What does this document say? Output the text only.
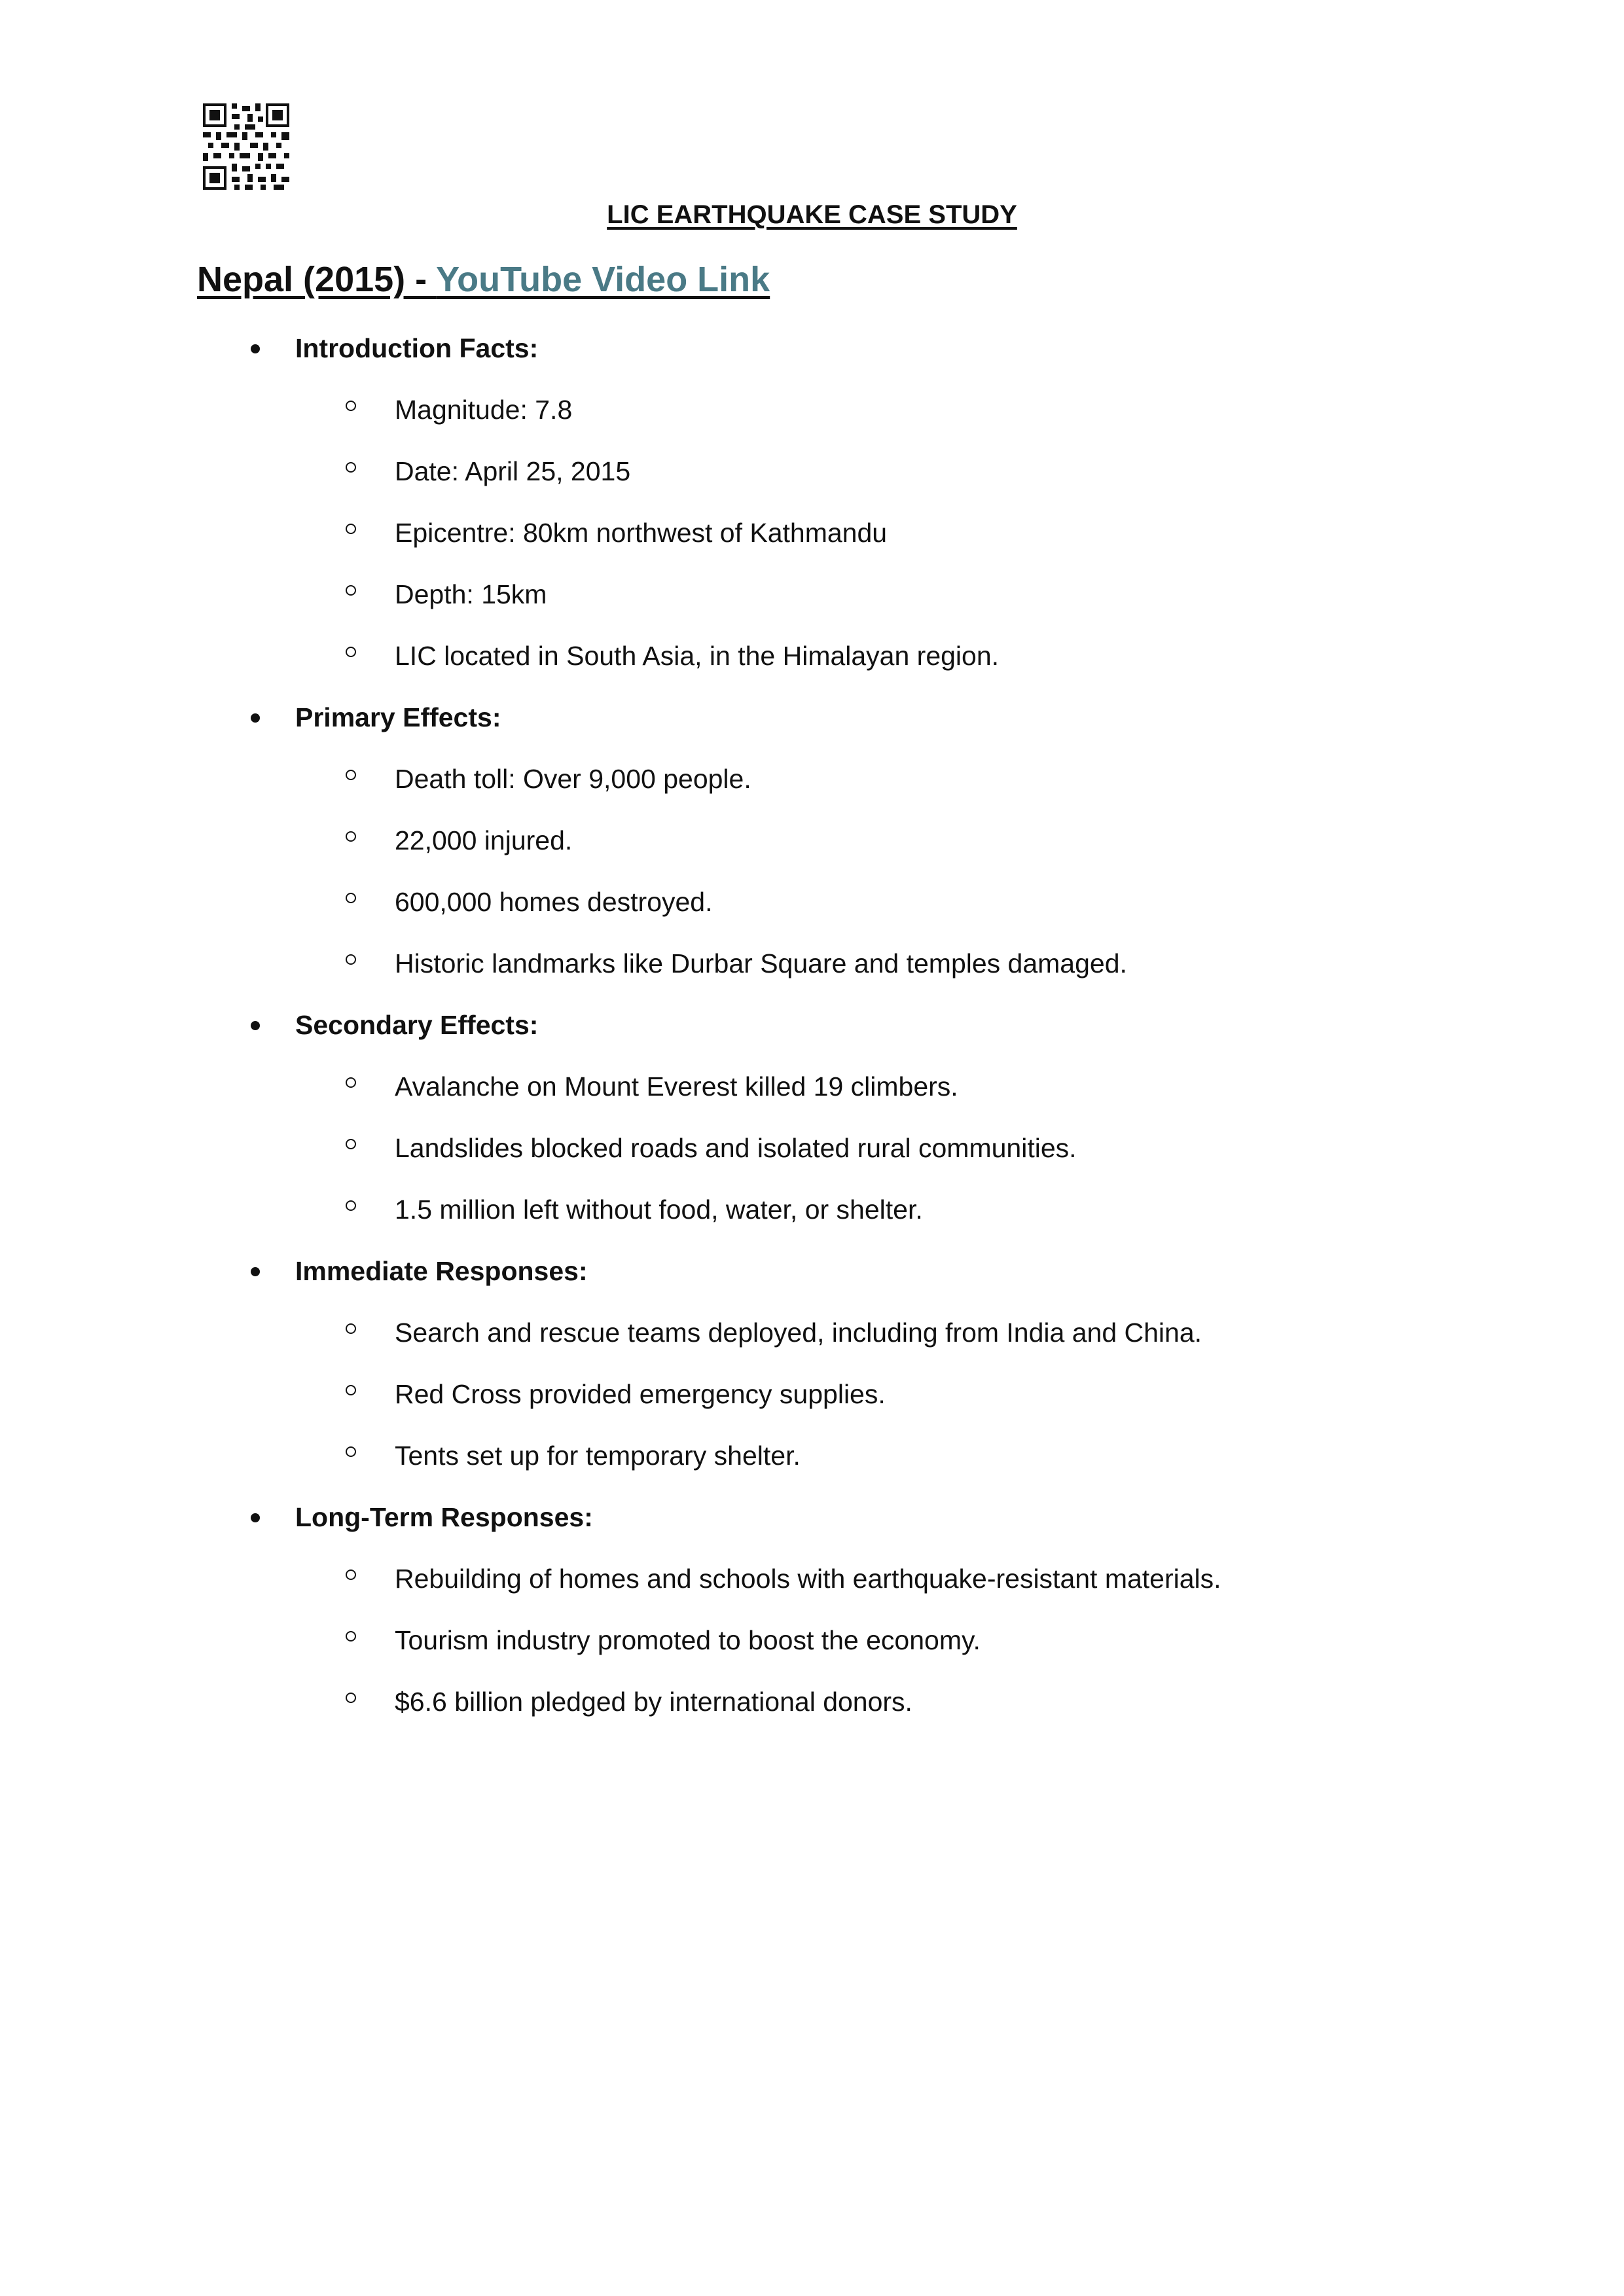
LIC EARTHQUAKE CASE STUDY
Nepal (2015) - YouTube Video Link
Introduction Facts:
Magnitude: 7.8
Date: April 25, 2015
Epicentre: 80km northwest of Kathmandu
Depth: 15km
LIC located in South Asia, in the Himalayan region.
Primary Effects:
Death toll: Over 9,000 people.
22,000 injured.
600,000 homes destroyed.
Historic landmarks like Durbar Square and temples damaged.
Secondary Effects:
Avalanche on Mount Everest killed 19 climbers.
Landslides blocked roads and isolated rural communities.
1.5 million left without food, water, or shelter.
Immediate Responses:
Search and rescue teams deployed, including from India and China.
Red Cross provided emergency supplies.
Tents set up for temporary shelter.
Long-Term Responses:
Rebuilding of homes and schools with earthquake-resistant materials.
Tourism industry promoted to boost the economy.
$6.6 billion pledged by international donors.
